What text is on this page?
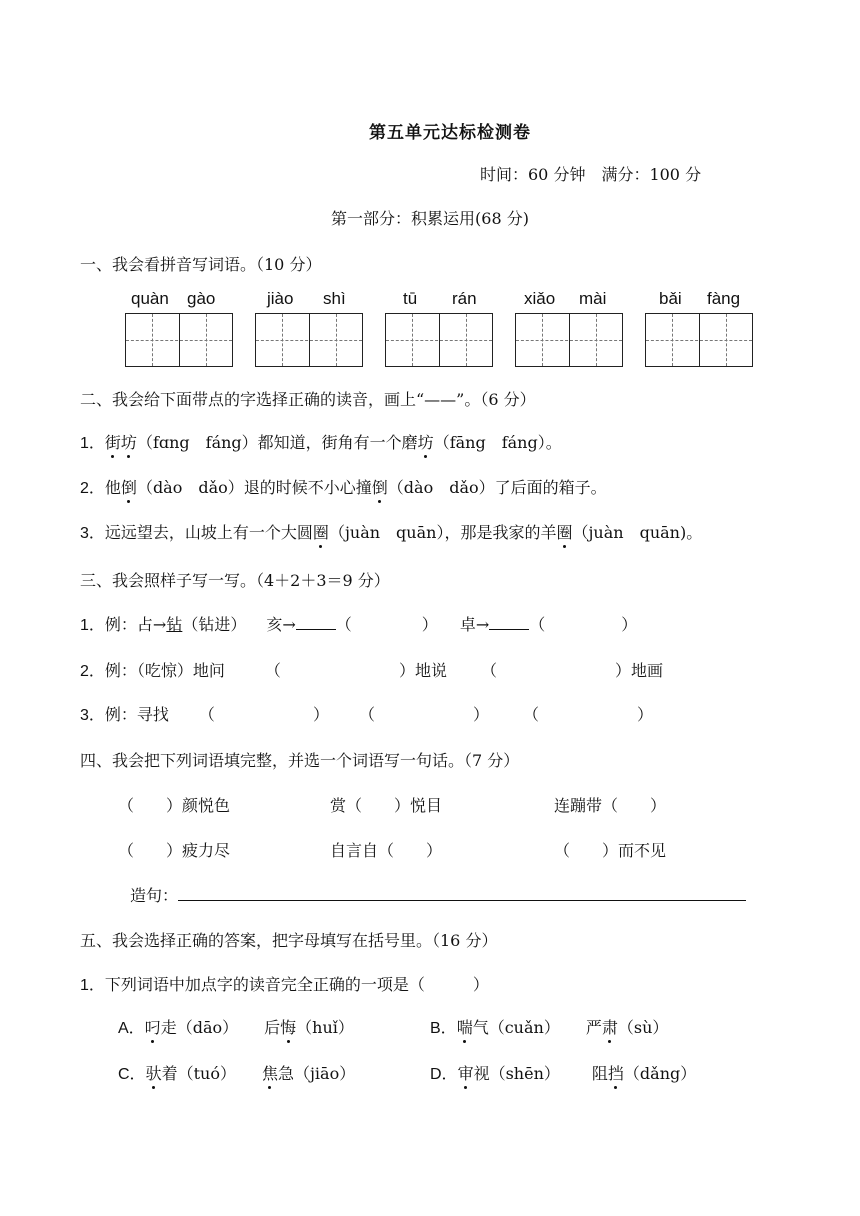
第五单元达标检测卷
时间：60 分钟　满分：100 分
第一部分：积累运用(68 分)
一、我会看拼音写词语。（10 分）
quàn gào	jiào shì	tū rán	xiǎo mài	bǎi fàng
二、我会给下面带点的字选择正确的读音，画上“——”。（6 分）
1．街坊（fɑng　fáng）都知道，街角有一个磨坊（fāng　fáng）。
2．他倒（dào　dǎo）退的时候不小心撞倒（dào　dǎo）了后面的箱子。
3．远远望去，山坡上有一个大圆圈（juàn　quān），那是我家的羊圈（juàn　quān)。
三、我会照样子写一写。（4＋2＋3＝9 分）
1．例：占→钻（钻进） 亥→	（	） 卓→	（	）
2．例：（吃惊）地问	（	）地说 （	）地画
3．例：寻找 （	） （	） （	）
四、我会把下列词语填完整，并选一个词语写一句话。（7 分）
（　　）颜悦色	赏（　　）悦目	连蹦带（　　）
（　　）疲力尽	自言自（　　）	（　　）而不见
造句：
五、我会选择正确的答案，把字母填写在括号里。（16 分）
1．下列词语中加点字的读音完全正确的一项是（　　　）
A．叼走（dāo） 后悔（huǐ）	B．喘气（cuǎn） 严肃（sù）
C．驮着（tuó） 焦急（jiāo）	D．审视（shēn） 阻挡（dǎng）
